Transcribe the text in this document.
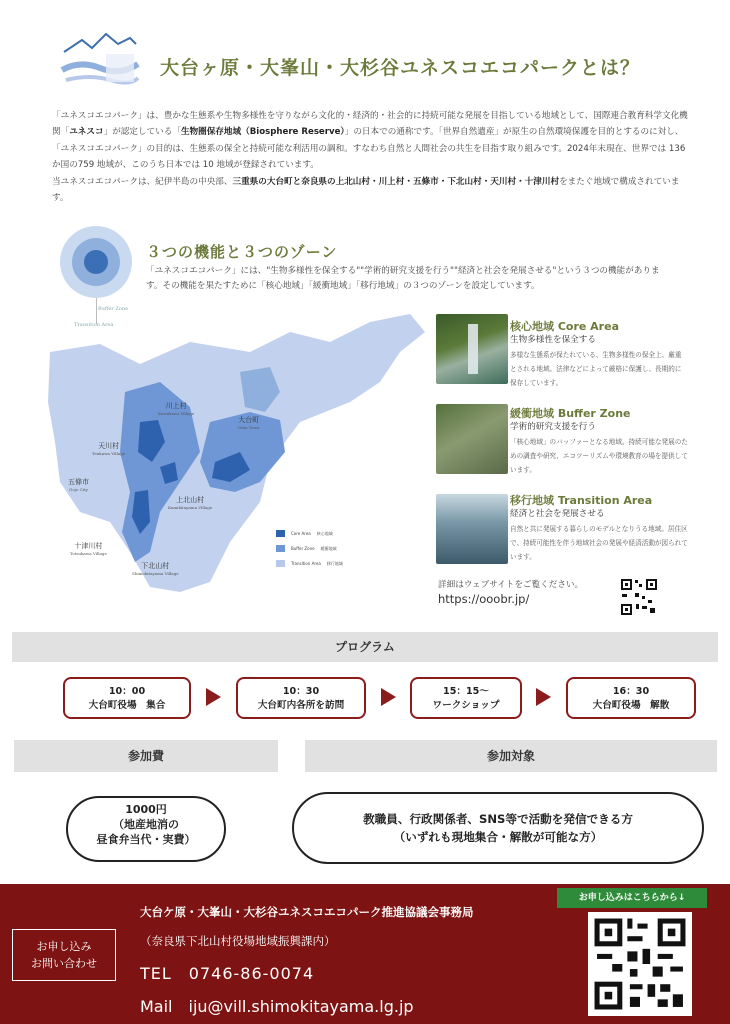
大台ヶ原・大峯山・大杉谷ユネスコエコパークとは？

「ユネスコエコパーク」は、豊かな生態系や生物多様性を守りながら文化的・経済的・社会的に持続可能な発展を目指している地域として、国際連合教育科学文化機関「ユネスコ」が認定している「生物圏保存地域（Biosphere Reserve）」の日本での通称です。「世界自然遺産」が原生の自然環境保護を目的とするのに対し、「ユネスコエコパーク」の目的は、生態系の保全と持続可能な利活用の調和。すなわち自然と人間社会の共生を目指す取り組みです。2024年末現在、世界では 136 か国の759 地域が、このうち日本では 10 地域が登録されています。

当ユネスコエコパークは、紀伊半島の中央部、三重県の大台町と奈良県の上北山村・川上村・五條市・下北山村・天川村・十津川村をまたぐ地域で構成されています。

Buffer Zone
Transition Area
３つの機能と３つのゾーン
「ユネスコエコパーク」には、"生物多様性を保全する""学術的研究支援を行う""経済と社会を発展させる"という３つの機能があります。その機能を果たすために「核心地域」「緩衝地域」「移行地域」の３つのゾーンを設定しています。
川上村
Kawakami Village
大台町
Odai Town
天川村
Tenkawa Village
五條市
Gojo City
上北山村
Kamikitayama Village
十津川村
Totsukawa Village
下北山村
Shimokitayama Village
Core Area 核心地域
Buffer Zone 緩衝地域
Transition Area 移行地域
核心地域 Core Area
生物多様性を保全する
多様な生態系が保たれている、生物多様性の保全上、厳重とされる地域。法律などによって厳格に保護し、長期的に保存しています。
緩衝地域 Buffer Zone
学術的研究支援を行う
「核心地域」のバッファーとなる地域。持続可能な発展のための調査や研究、エコツーリズムや環境教育の場を提供しています。
移行地域 Transition Area
経済と社会を発展させる
自然と共に発展する暮らしのモデルとなりうる地域。居住区で、持続可能性を伴う地域社会の発展や経済活動が図られています。
詳細はウェブサイトをご覧ください。
https://ooobr.jp/
プログラム
10：00
大台町役場　集合
10：30
大台町内各所を訪問
15：15～
ワークショップ
16：30
大台町役場　解散
参加費	参加対象
1000円
（地産地消の
昼食弁当代・実費）
教職員、行政関係者、SNS等で活動を発信できる方
（いずれも現地集合・解散が可能な方）
お申し込み
お問い合わせ
大台ケ原・大峯山・大杉谷ユネスコエコパーク推進協議会事務局
（奈良県下北山村役場地域振興課内）
TEL　0746-86-0074
Mail　iju@vill.shimokitayama.lg.jp
お申し込みはこちらから↓
